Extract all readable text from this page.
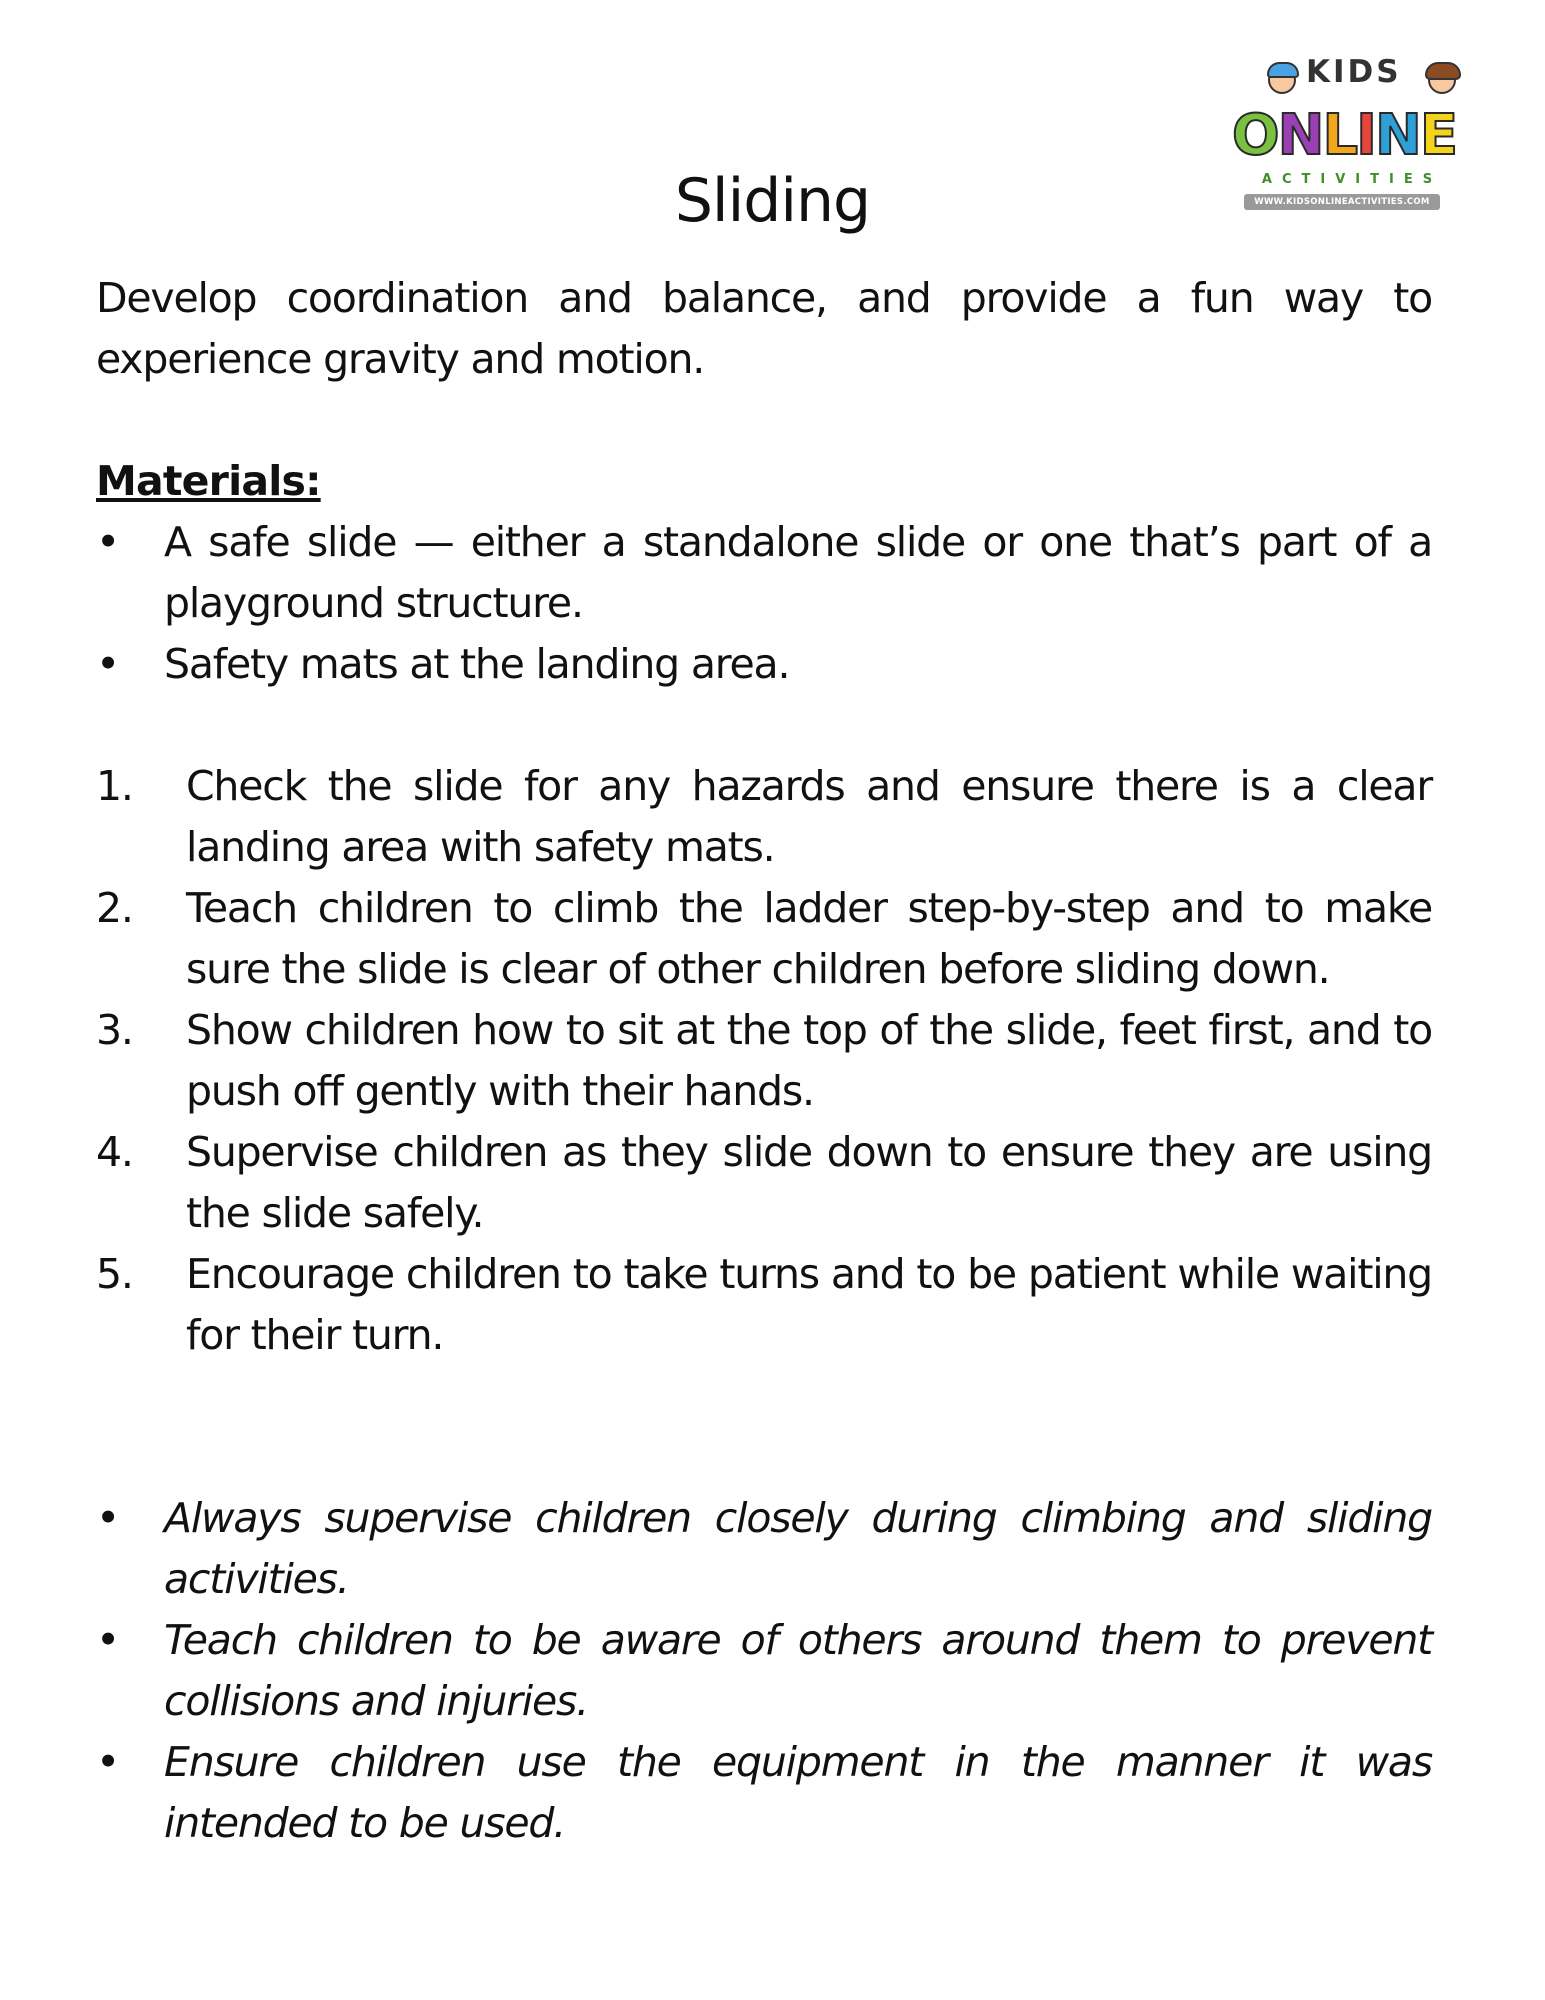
KIDS
ONLINE
ACTIVITIES
WWW.KIDSONLINEACTIVITIES.COM
Sliding

Develop coordination and balance, and provide a fun way to experience gravity and motion.

Materials:

•	A safe slide — either a standalone slide or one that’s part of a playground structure.
•	Safety mats at the landing area.
1.	Check the slide for any hazards and ensure there is a clear landing area with safety mats.
2.	Teach children to climb the ladder step-by-step and to make sure the slide is clear of other children before sliding down.
3.	Show children how to sit at the top of the slide, feet first, and to push off gently with their hands.
4.	Supervise children as they slide down to ensure they are using the slide safely.
5.	Encourage children to take turns and to be patient while waiting for their turn.
•	Always supervise children closely during climbing and sliding activities.
•	Teach children to be aware of others around them to prevent collisions and injuries.
•	Ensure children use the equipment in the manner it was intended to be used.
